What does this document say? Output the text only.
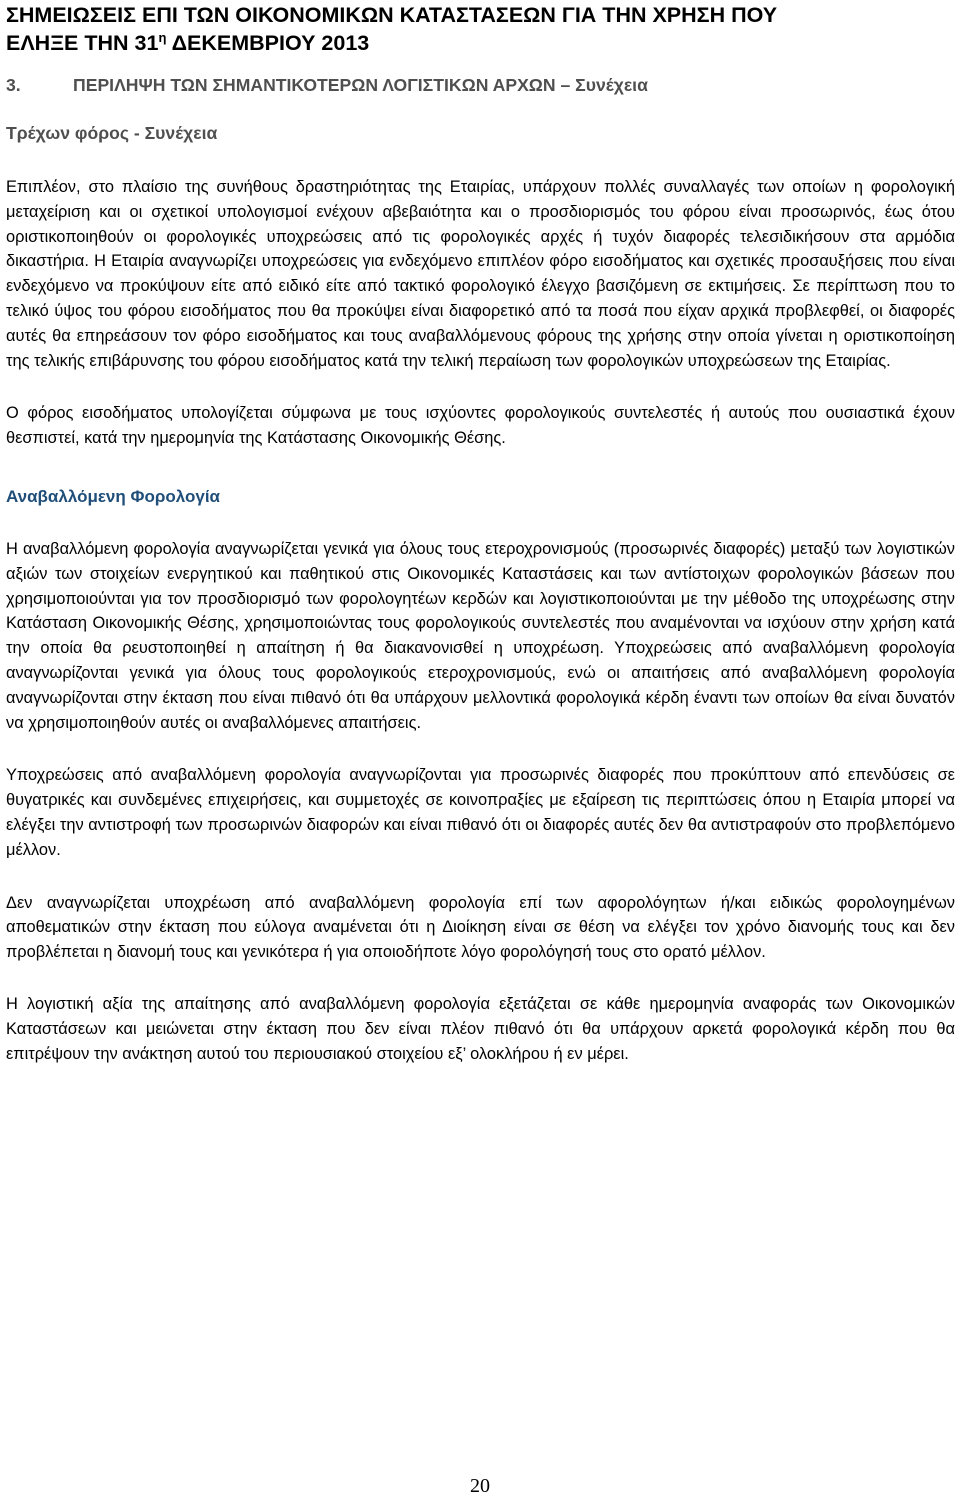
ΣΗΜΕΙΩΣΕΙΣ ΕΠΙ ΤΩΝ ΟΙΚΟΝΟΜΙΚΩΝ ΚΑΤΑΣΤΑΣΕΩΝ ΓΙΑ ΤΗΝ ΧΡΗΣΗ ΠΟΥ
ΕΛΗΞΕ ΤΗΝ $31^\eta$ ΔΕΚΕΜΒΡΙΟΥ 2013
3.	ΠΕΡΙΛΗΨΗ ΤΩΝ ΣΗΜΑΝΤΙΚΟΤΕΡΩΝ ΛΟΓΙΣΤΙΚΩΝ ΑΡΧΩΝ – Συνέχεια
Τρέχων φόρος - Συνέχεια

Επιπλέον, στο πλαίσιο της συνήθους δραστηριότητας της Εταιρίας, υπάρχουν πολλές συναλλαγές των οποίων η φορολογική μεταχείριση και οι σχετικοί υπολογισμοί ενέχουν αβεβαιότητα και ο προσδιορισμός του φόρου είναι προσωρινός, έως ότου οριστικοποιηθούν οι φορολογικές υποχρεώσεις από τις φορολογικές αρχές ή τυχόν διαφορές τελεσιδικήσουν στα αρμόδια δικαστήρια. Η Εταιρία αναγνωρίζει υποχρεώσεις για ενδεχόμενο επιπλέον φόρο εισοδήματος και σχετικές προσαυξήσεις που είναι ενδεχόμενο να προκύψουν είτε από ειδικό είτε από τακτικό φορολογικό έλεγχο βασιζόμενη σε εκτιμήσεις. Σε περίπτωση που το τελικό ύψος του φόρου εισοδήματος που θα προκύψει είναι διαφορετικό από τα ποσά που είχαν αρχικά προβλεφθεί, οι διαφορές αυτές θα επηρεάσουν τον φόρο εισοδήματος και τους αναβαλλόμενους φόρους της χρήσης στην οποία γίνεται η οριστικοποίηση της τελικής επιβάρυνσης του φόρου εισοδήματος κατά την τελική περαίωση των φορολογικών υποχρεώσεων της Εταιρίας.

Ο φόρος εισοδήματος υπολογίζεται σύμφωνα με τους ισχύοντες φορολογικούς συντελεστές ή αυτούς που ουσιαστικά έχουν θεσπιστεί, κατά την ημερομηνία της Κατάστασης Οικονομικής Θέσης.

Αναβαλλόμενη Φορολογία

Η αναβαλλόμενη φορολογία αναγνωρίζεται γενικά για όλους τους ετεροχρονισμούς (προσωρινές διαφορές) μεταξύ των λογιστικών αξιών των στοιχείων ενεργητικού και παθητικού στις Οικονομικές Καταστάσεις και των αντίστοιχων φορολογικών βάσεων που χρησιμοποιούνται για τον προσδιορισμό των φορολογητέων κερδών και λογιστικοποιούνται με την μέθοδο της υποχρέωσης στην Κατάσταση Οικονομικής Θέσης, χρησιμοποιώντας τους φορολογικούς συντελεστές που αναμένονται να ισχύουν στην χρήση κατά την οποία θα ρευστοποιηθεί η απαίτηση ή θα διακανονισθεί η υποχρέωση. Υποχρεώσεις από αναβαλλόμενη φορολογία αναγνωρίζονται γενικά για όλους τους φορολογικούς ετεροχρονισμούς, ενώ οι απαιτήσεις από αναβαλλόμενη φορολογία αναγνωρίζονται στην έκταση που είναι πιθανό ότι θα υπάρχουν μελλοντικά φορολογικά κέρδη έναντι των οποίων θα είναι δυνατόν να χρησιμοποιηθούν αυτές οι αναβαλλόμενες απαιτήσεις.

Υποχρεώσεις από αναβαλλόμενη φορολογία αναγνωρίζονται για προσωρινές διαφορές που προκύπτουν από επενδύσεις σε θυγατρικές και συνδεμένες επιχειρήσεις, και συμμετοχές σε κοινοπραξίες με εξαίρεση τις περιπτώσεις όπου η Εταιρία μπορεί να ελέγξει την αντιστροφή των προσωρινών διαφορών και είναι πιθανό ότι οι διαφορές αυτές δεν θα αντιστραφούν στο προβλεπόμενο μέλλον.

Δεν αναγνωρίζεται υποχρέωση από αναβαλλόμενη φορολογία επί των αφορολόγητων ή/και ειδικώς φορολογημένων αποθεματικών στην έκταση που εύλογα αναμένεται ότι η Διοίκηση είναι σε θέση να ελέγξει τον χρόνο διανομής τους και δεν προβλέπεται η διανομή τους και γενικότερα ή για οποιοδήποτε λόγο φορολόγησή τους στο ορατό μέλλον.

Η λογιστική αξία της απαίτησης από αναβαλλόμενη φορολογία εξετάζεται σε κάθε ημερομηνία αναφοράς των Οικονομικών Καταστάσεων και μειώνεται στην έκταση που δεν είναι πλέον πιθανό ότι θα υπάρχουν αρκετά φορολογικά κέρδη που θα επιτρέψουν την ανάκτηση αυτού του περιουσιακού στοιχείου εξ’ ολοκλήρου ή εν μέρει.

20
